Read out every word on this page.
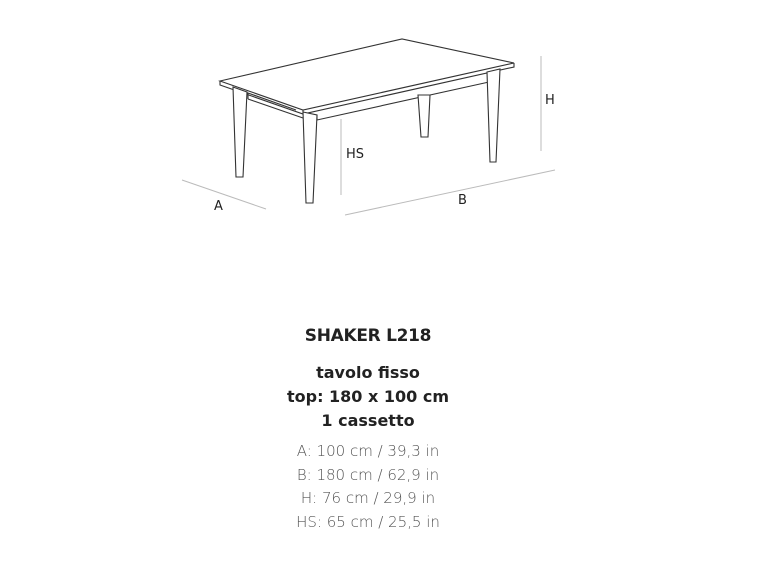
A	B
H
HS
SHAKER L218
tavolo fisso
top: 180 x 100 cm
1 cassetto
A: 100 cm / 39,3 in
B: 180 cm / 62,9 in
H: 76 cm / 29,9 in
HS: 65 cm / 25,5 in
